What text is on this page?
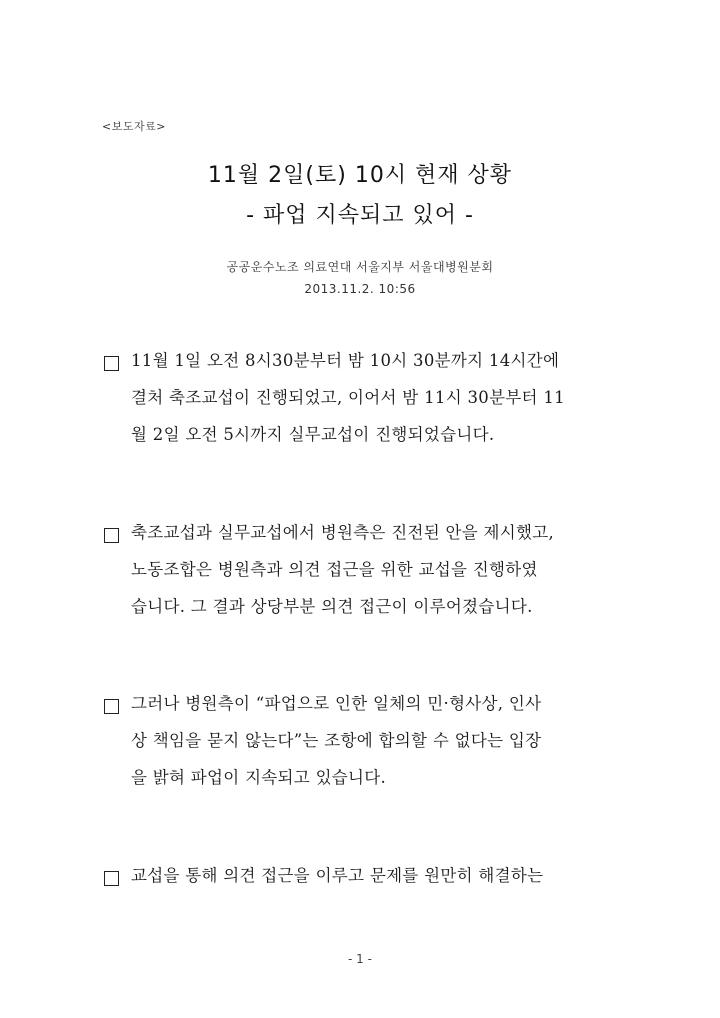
<보도자료>
11월 2일(토) 10시 현재 상황
- 파업 지속되고 있어 -
공공운수노조 의료연대 서울지부 서울대병원분회
2013.11.2. 10:56
11월 1일 오전 8시30분부터 밤 10시 30분까지 14시간에
결처 축조교섭이 진행되었고, 이어서 밤 11시 30분부터 11
월 2일 오전 5시까지 실무교섭이 진행되었습니다.
축조교섭과 실무교섭에서 병원측은 진전된 안을 제시했고,
노동조합은 병원측과 의견 접근을 위한 교섭을 진행하였
습니다. 그 결과 상당부분 의견 접근이 이루어졌습니다.
그러나 병원측이 “파업으로 인한 일체의 민·형사상, 인사
상 책임을 묻지 않는다”는 조항에 합의할 수 없다는 입장
을 밝혀 파업이 지속되고 있습니다.
교섭을 통해 의견 접근을 이루고 문제를 원만히 해결하는
- 1 -
